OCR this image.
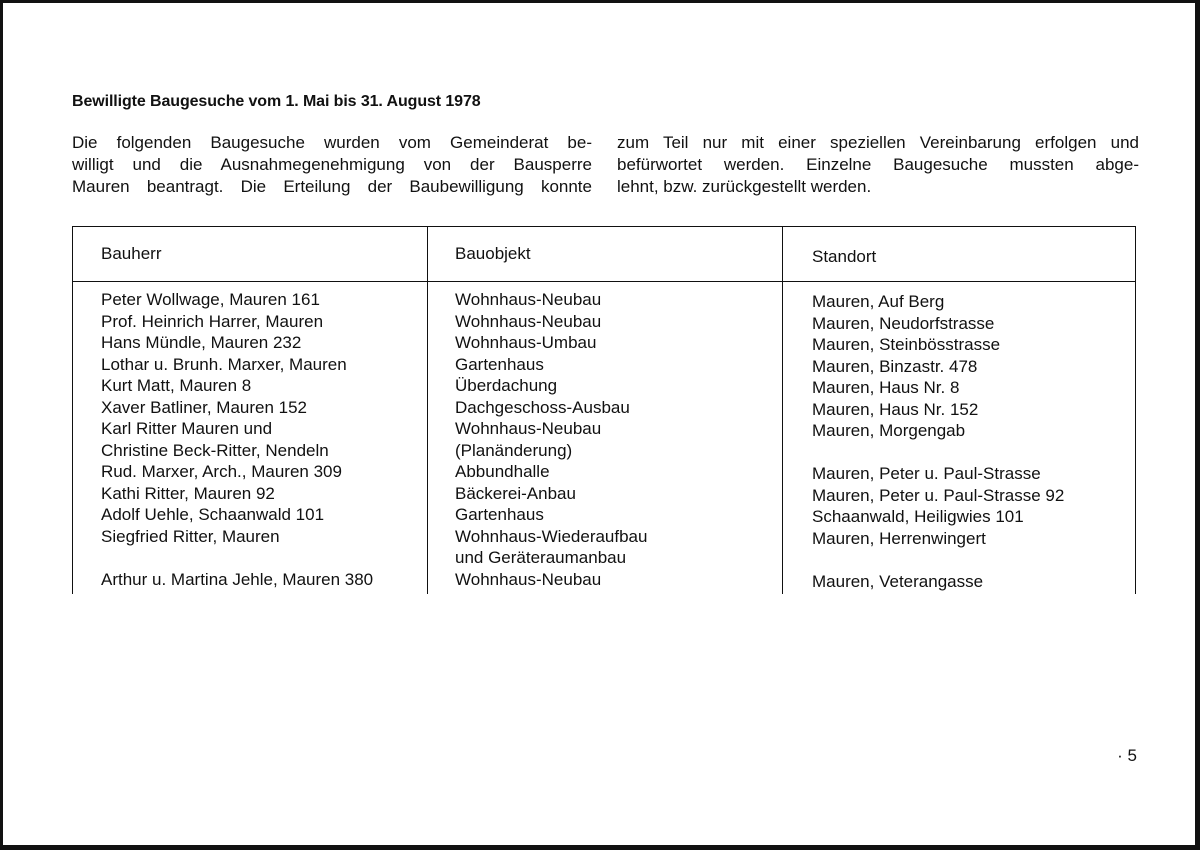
Bewilligte Baugesuche vom 1. Mai bis 31. August 1978
Die folgenden Baugesuche wurden vom Gemeinderat be-
willigt und die Ausnahmegenehmigung von der Bausperre
Mauren beantragt. Die Erteilung der Baubewilligung konnte
zum Teil nur mit einer speziellen Vereinbarung erfolgen und
befürwortet werden. Einzelne Baugesuche mussten abge-
lehnt, bzw. zurückgestellt werden.
Bauherr	Bauobjekt	Standort
Peter Wollwage, Mauren 161	Wohnhaus-Neubau	Mauren, Auf Berg
Prof. Heinrich Harrer, Mauren	Wohnhaus-Neubau	Mauren, Neudorfstrasse
Hans Mündle, Mauren 232	Wohnhaus-Umbau	Mauren, Steinbösstrasse
Lothar u. Brunh. Marxer, Mauren	Gartenhaus	Mauren, Binzastr. 478
Kurt Matt, Mauren 8	Überdachung	Mauren, Haus Nr. 8
Xaver Batliner, Mauren 152	Dachgeschoss-Ausbau	Mauren, Haus Nr. 152
Karl Ritter Mauren und	Wohnhaus-Neubau	Mauren, Morgengab
Christine Beck-Ritter, Nendeln	(Planänderung)
Rud. Marxer, Arch., Mauren 309	Abbundhalle	Mauren, Peter u. Paul-Strasse
Kathi Ritter, Mauren 92	Bäckerei-Anbau	Mauren, Peter u. Paul-Strasse 92
Adolf Uehle, Schaanwald 101	Gartenhaus	Schaanwald, Heiligwies 101
Siegfried Ritter, Mauren	Wohnhaus-Wiederaufbau	Mauren, Herrenwingert
und Geräteraumanbau
Arthur u. Martina Jehle, Mauren 380	Wohnhaus-Neubau	Mauren, Veterangasse
· 5
